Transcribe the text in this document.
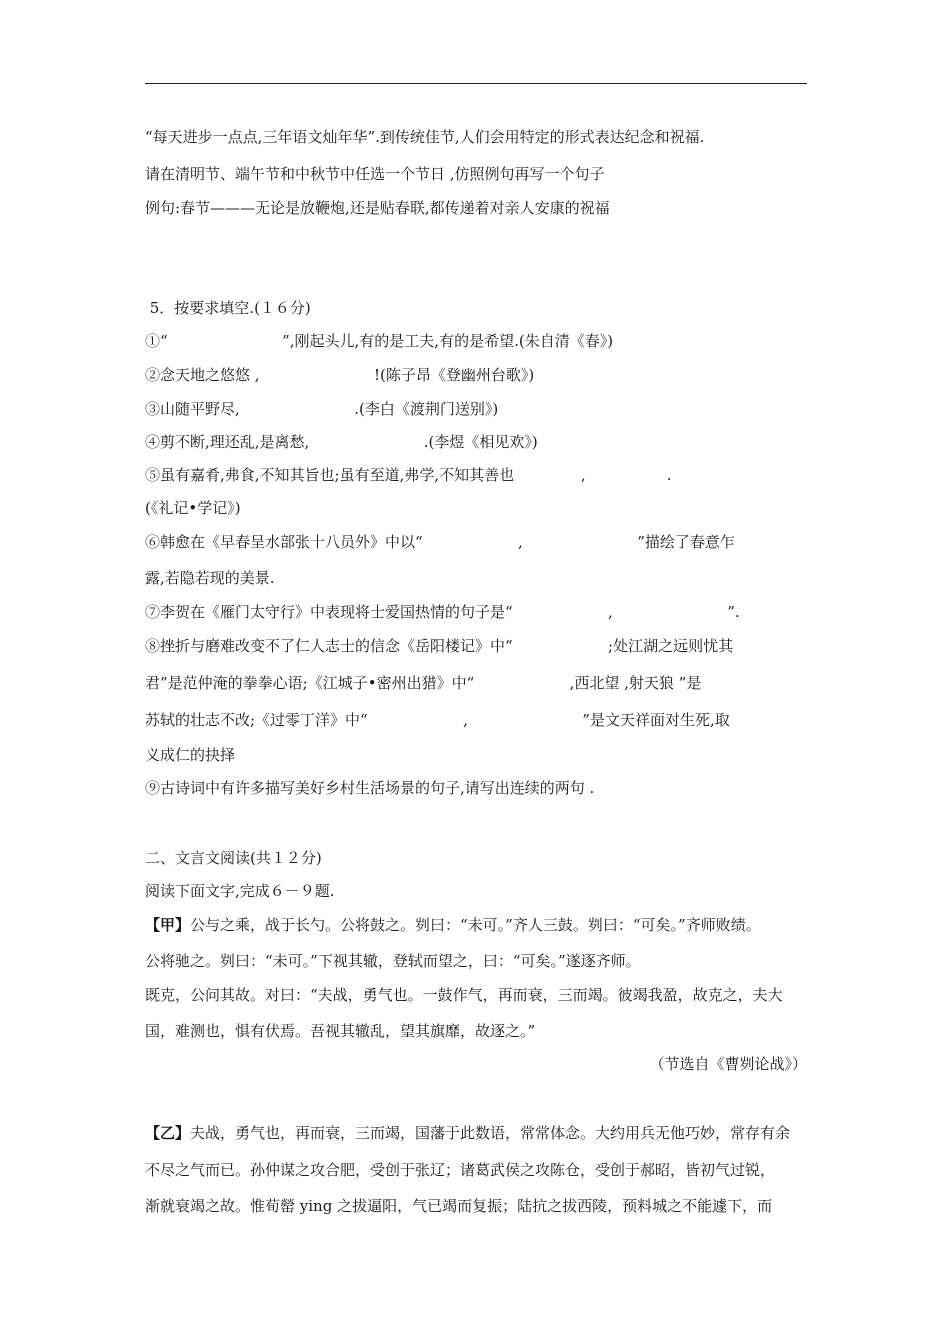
“每天进步一点点,三年语文灿年华”.到传统佳节,人们会用特定的形式表达纪念和祝福.
请在清明节、端午节和中秋节中任选一个节日 ,仿照例句再写一个句子
例句:春节———无论是放鞭炮,还是贴春联,都传递着对亲人安康的祝福
5．按要求填空.(１６分)
①“                        ”,刚起头儿,有的是工夫,有的是希望.(朱自清《春》)
②念天地之悠悠 ,                        !(陈子昂《登幽州台歌》)
③山随平野尽,                        .(李白《渡荆门送别》)
④剪不断,理还乱,是离愁,                        .(李煜《相见欢》)
⑤虽有嘉肴,弗食,不知其旨也;虽有至道,弗学,不知其善也              ,                 .
(《礼记•学记》)
⑥韩愈在《早春呈水部张十八员外》中以“                    ,                        ”描绘了春意乍
露,若隐若现的美景.
⑦李贺在《雁门太守行》中表现将士爱国热情的句子是“                    ,                        ”.
⑧挫折与磨难改变不了仁人志士的信念《岳阳楼记》中“                    ;处江湖之远则忧其
君”是范仲淹的拳拳心语;《江城子•密州出猎》中“                    ,西北望 ,射天狼 ”是
苏轼的壮志不改;《过零丁洋》中“                    ,                        ”是文天祥面对生死,取
义成仁的抉择
⑨古诗词中有许多描写美好乡村生活场景的句子,请写出连续的两句 .
二、文言文阅读(共１２分)
阅读下面文字,完成６－９题.
【甲】公与之乘，战于长勺。公将鼓之。刿曰：“未可。”齐人三鼓。刿曰：“可矣。”齐师败绩。
公将驰之。刿曰：“未可。”下视其辙，登轼而望之，曰：“可矣。”遂逐齐师。
既克，公问其故。对曰：“夫战，勇气也。一鼓作气，再而衰，三而竭。彼竭我盈，故克之，夫大
国，难测也，惧有伏焉。吾视其辙乱，望其旗靡，故逐之。”
（节选自《曹刿论战》）
【乙】夫战，勇气也，再而衰，三而竭，国藩于此数语，常常体念。大约用兵无他巧妙，常存有余
不尽之气而已。孙仲谋之攻合肥，受创于张辽；诸葛武侯之攻陈仓，受创于郝昭，皆初气过锐，
渐就衰竭之故。惟荀罃 ying 之拔逼阳，气已竭而复振；陆抗之拔西陵，预料城之不能遽下，而
